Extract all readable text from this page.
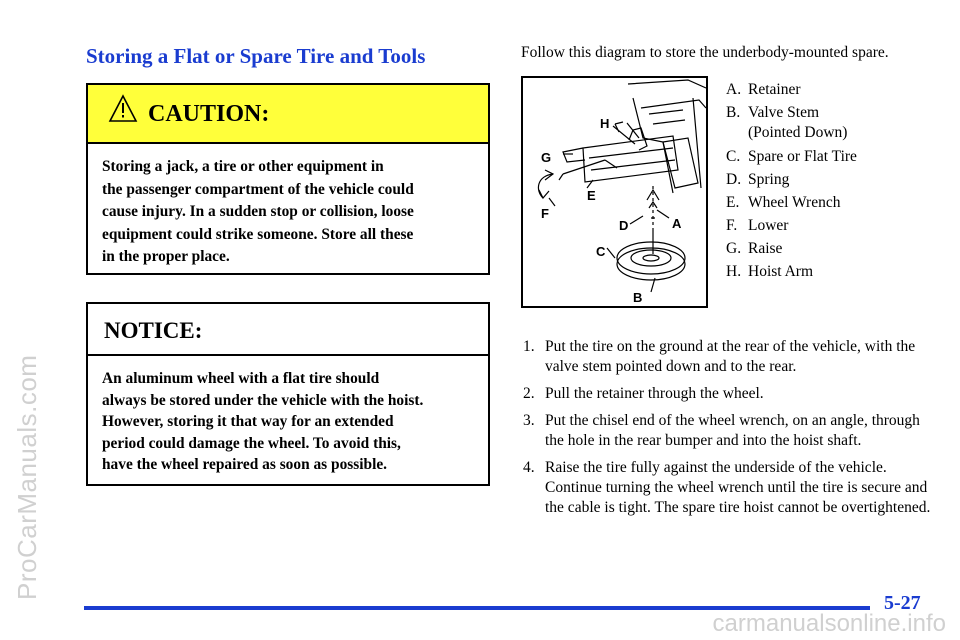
ProCarManuals.com
carmanualsonline.info
Storing a Flat or Spare Tire and Tools
CAUTION:
Storing a jack, a tire or other equipment in
the passenger compartment of the vehicle could
cause injury. In a sudden stop or collision, loose
equipment could strike someone. Store all these
in the proper place.
NOTICE:
An aluminum wheel with a flat tire should
always be stored under the vehicle with the hoist.
However, storing it that way for an extended
period could damage the wheel. To avoid this,
have the wheel repaired as soon as possible.
Follow this diagram to store the underbody-mounted spare.
H
G
E
F
D	A
C
B
A. Retainer
B. Valve Stem
(Pointed Down)
C. Spare or Flat Tire
D. Spring
E. Wheel Wrench
F. Lower
G. Raise
H. Hoist Arm
1. Put the tire on the ground at the rear of the vehicle, with the valve stem pointed down and to the rear.
2. Pull the retainer through the wheel.
3. Put the chisel end of the wheel wrench, on an angle, through the hole in the rear bumper and into the hoist shaft.
4. Raise the tire fully against the underside of the vehicle. Continue turning the wheel wrench until the tire is secure and the cable is tight. The spare tire hoist cannot be overtightened.
5-27
